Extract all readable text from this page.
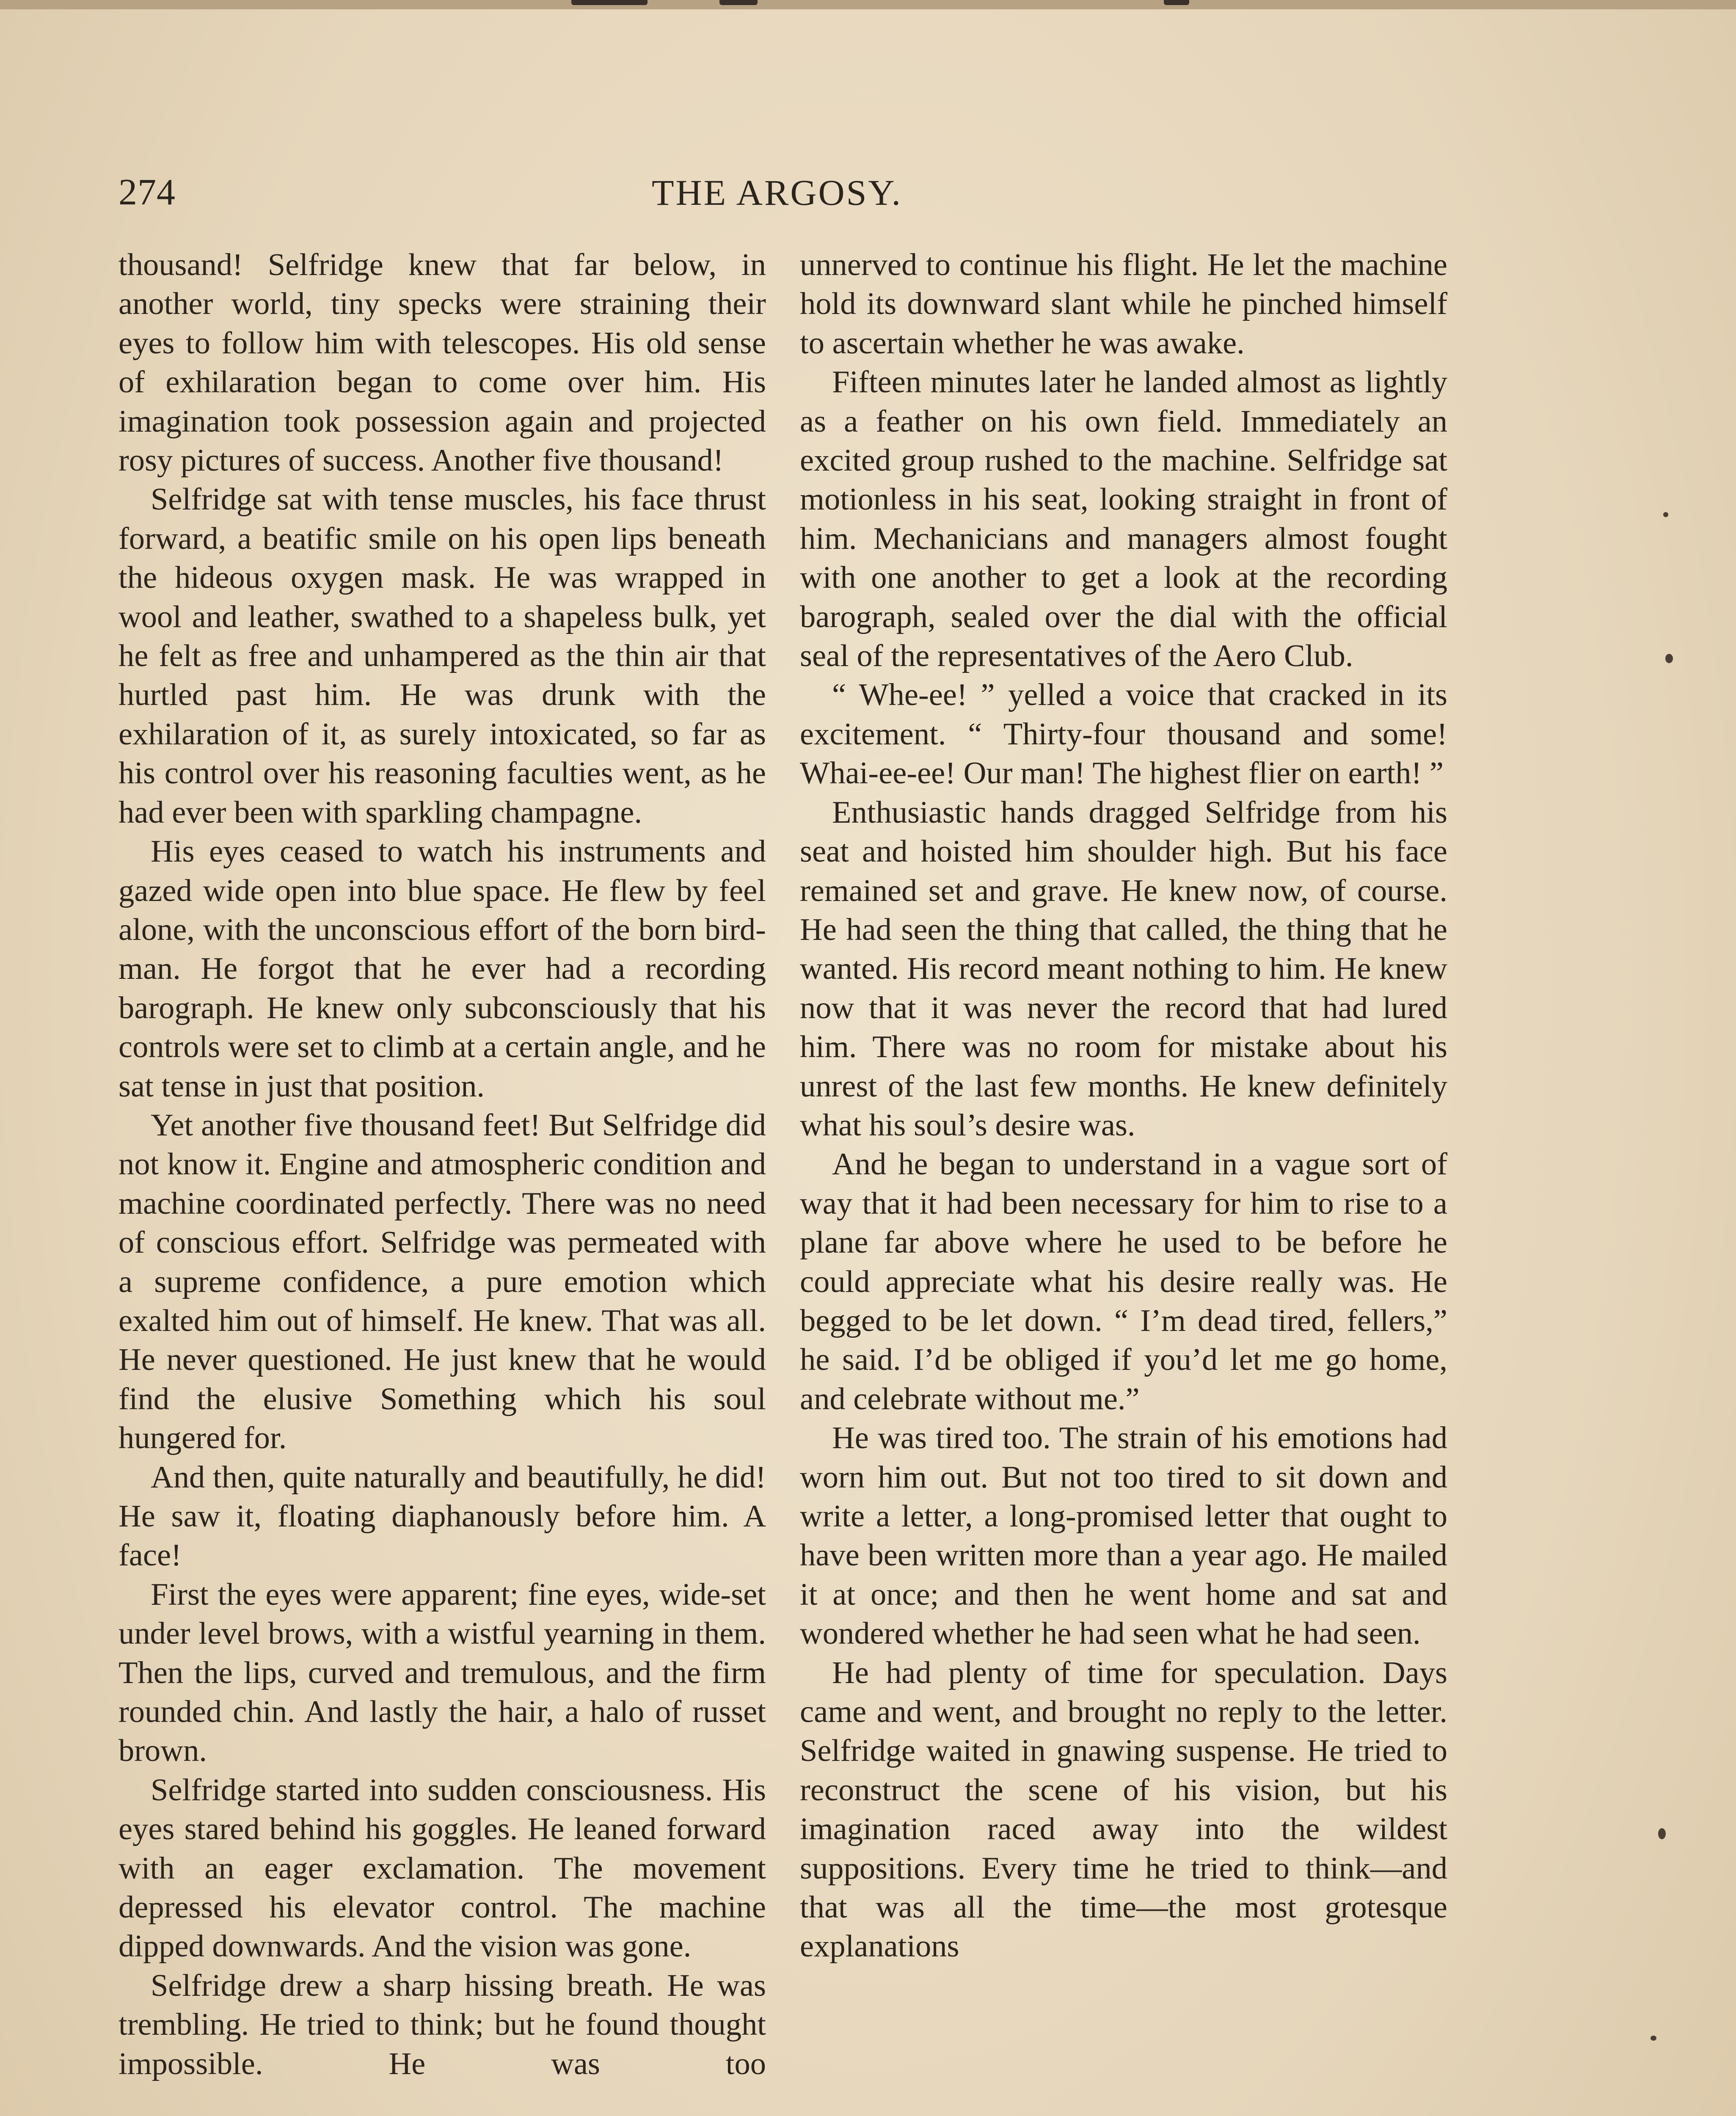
274	THE ARGOSY.

thousand! Selfridge knew that far below, in another world, tiny specks were straining their eyes to follow him with telescopes. His old sense of exhilaration began to come over him. His imagination took possession again and projected rosy pictures of success. Another five thousand!

Selfridge sat with tense muscles, his face thrust forward, a beatific smile on his open lips beneath the hideous oxygen mask. He was wrapped in wool and leather, swathed to a shapeless bulk, yet he felt as free and unhampered as the thin air that hurtled past him. He was drunk with the exhilaration of it, as surely intoxicated, so far as his control over his reasoning faculties went, as he had ever been with sparkling champagne.

His eyes ceased to watch his instruments and gazed wide open into blue space. He flew by feel alone, with the unconscious effort of the born bird-man. He forgot that he ever had a recording barograph. He knew only subconsciously that his controls were set to climb at a certain angle, and he sat tense in just that position.

Yet another five thousand feet! But Selfridge did not know it. Engine and atmospheric condition and machine coordinated perfectly. There was no need of conscious effort. Selfridge was permeated with a supreme confidence, a pure emotion which exalted him out of himself. He knew. That was all. He never questioned. He just knew that he would find the elusive Something which his soul hungered for.

And then, quite naturally and beautifully, he did! He saw it, floating diaphanously before him. A face!

First the eyes were apparent; fine eyes, wide-set under level brows, with a wistful yearning in them. Then the lips, curved and tremulous, and the firm rounded chin. And lastly the hair, a halo of russet brown.

Selfridge started into sudden consciousness. His eyes stared behind his goggles. He leaned forward with an eager exclamation. The movement depressed his elevator control. The machine dipped downwards. And the vision was gone.

Selfridge drew a sharp hissing breath. He was trembling. He tried to think; but he found thought impossible. He was too

unnerved to continue his flight. He let the machine hold its downward slant while he pinched himself to ascertain whether he was awake.

Fifteen minutes later he landed almost as lightly as a feather on his own field. Immediately an excited group rushed to the machine. Selfridge sat motionless in his seat, looking straight in front of him. Mechanicians and managers almost fought with one another to get a look at the recording barograph, sealed over the dial with the official seal of the representatives of the Aero Club.

“ Whe-ee! ” yelled a voice that cracked in its excitement. “ Thirty-four thousand and some! Whai-ee-ee! Our man! The highest flier on earth! ”

Enthusiastic hands dragged Selfridge from his seat and hoisted him shoulder high. But his face remained set and grave. He knew now, of course. He had seen the thing that called, the thing that he wanted. His record meant nothing to him. He knew now that it was never the record that had lured him. There was no room for mistake about his unrest of the last few months. He knew definitely what his soul’s desire was.

And he began to understand in a vague sort of way that it had been necessary for him to rise to a plane far above where he used to be before he could appreciate what his desire really was. He begged to be let down. “ I’m dead tired, fellers,” he said. I’d be obliged if you’d let me go home, and celebrate without me.”

He was tired too. The strain of his emotions had worn him out. But not too tired to sit down and write a letter, a long-promised letter that ought to have been written more than a year ago. He mailed it at once; and then he went home and sat and wondered whether he had seen what he had seen.

He had plenty of time for speculation. Days came and went, and brought no reply to the letter. Selfridge waited in gnawing suspense. He tried to reconstruct the scene of his vision, but his imagination raced away into the wildest suppositions. Every time he tried to think—and that was all the time—the most grotesque explanations
